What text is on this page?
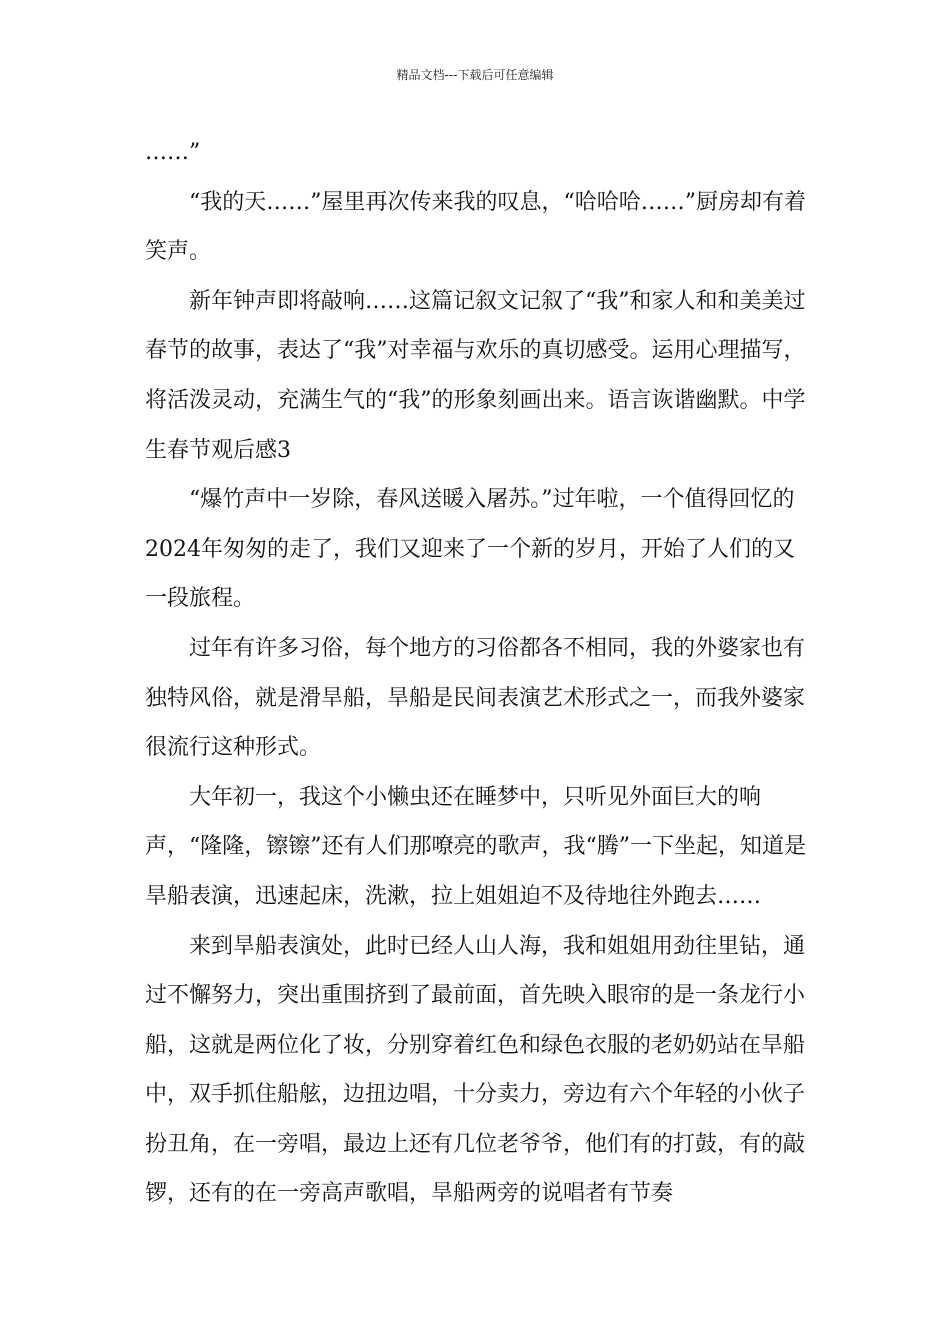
精品文档---下载后可任意编辑

……”

“我的天……”屋里再次传来我的叹息，“哈哈哈……”厨房却有着笑声。

新年钟声即将敲响……这篇记叙文记叙了“我”和家人和和美美过春节的故事，表达了“我”对幸福与欢乐的真切感受。运用心理描写，将活泼灵动，充满生气的“我”的形象刻画出来。语言诙谐幽默。中学生春节观后感3

“爆竹声中一岁除，春风送暖入屠苏。”过年啦，一个值得回忆的2024年匆匆的走了，我们又迎来了一个新的岁月，开始了人们的又一段旅程。

过年有许多习俗，每个地方的习俗都各不相同，我的外婆家也有独特风俗，就是滑旱船，旱船是民间表演艺术形式之一，而我外婆家很流行这种形式。

大年初一，我这个小懒虫还在睡梦中，只听见外面巨大的响声，“隆隆，镲镲”还有人们那嘹亮的歌声，我“腾”一下坐起，知道是旱船表演，迅速起床，洗漱，拉上姐姐迫不及待地往外跑去……

来到旱船表演处，此时已经人山人海，我和姐姐用劲往里钻，通过不懈努力，突出重围挤到了最前面，首先映入眼帘的是一条龙行小船，这就是两位化了妆，分别穿着红色和绿色衣服的老奶奶站在旱船中，双手抓住船舷，边扭边唱，十分卖力，旁边有六个年轻的小伙子扮丑角，在一旁唱，最边上还有几位老爷爷，他们有的打鼓，有的敲锣，还有的在一旁高声歌唱，旱船两旁的说唱者有节奏
